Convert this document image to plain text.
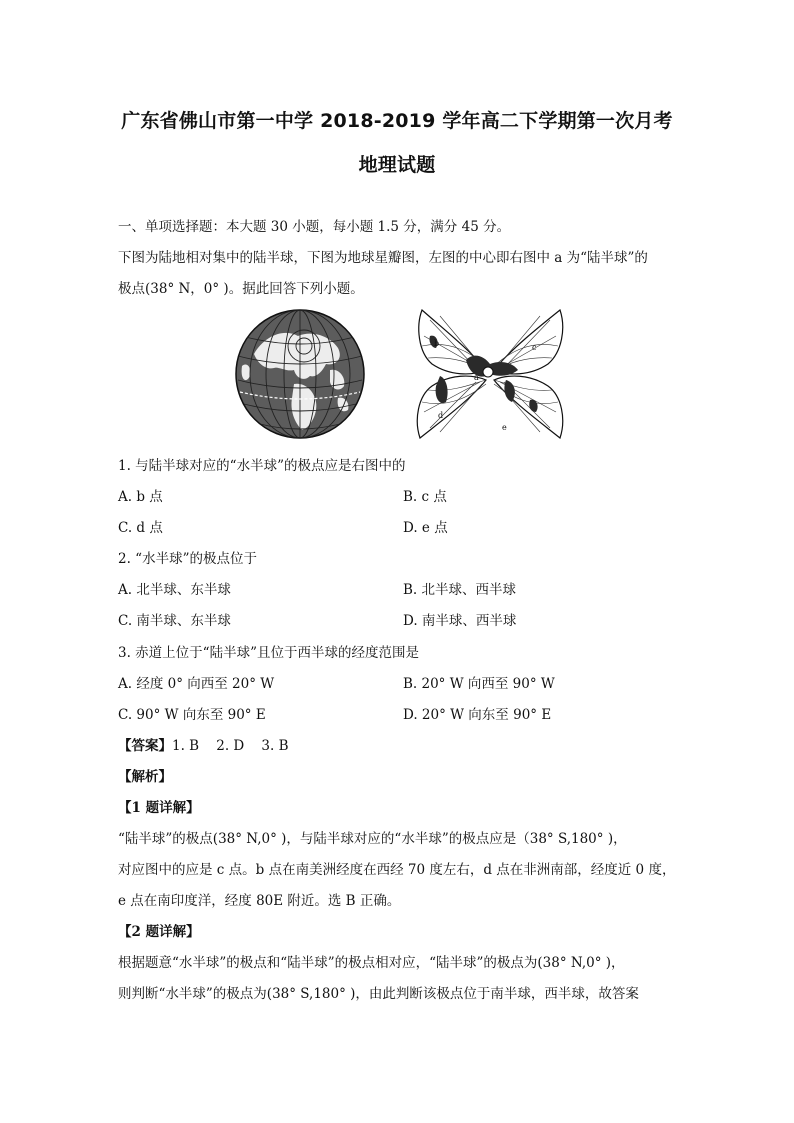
广东省佛山市第一中学 2018-2019 学年高二下学期第一次月考
地理试题
一、单项选择题：本大题 30 小题，每小题 1.5 分，满分 45 分。
下图为陆地相对集中的陆半球，下图为地球星瓣图，左图的中心即右图中 a 为“陆半球”的
极点(38° N，0° )。据此回答下列小题。
a
b	c
d
e
1. 与陆半球对应的“水半球”的极点应是右图中的
A. b 点	B. c 点
C. d 点	D. e 点
2. “水半球”的极点位于
A. 北半球、东半球	B. 北半球、西半球
C. 南半球、东半球	D. 南半球、西半球
3. 赤道上位于“陆半球”且位于西半球的经度范围是
A. 经度 0° 向西至 20° W	B. 20° W 向西至 90° W
C. 90° W 向东至 90° E	D. 20° W 向东至 90° E
【答案】1. B    2. D    3. B
【解析】
【1 题详解】
“陆半球”的极点(38° N,0° )，与陆半球对应的“水半球”的极点应是（38° S,180° )，
对应图中的应是 c 点。b 点在南美洲经度在西经 70 度左右，d 点在非洲南部，经度近 0 度，
e 点在南印度洋，经度 80E 附近。选 B 正确。
【2 题详解】
根据题意“水半球”的极点和“陆半球”的极点相对应，“陆半球”的极点为(38° N,0° )，
则判断“水半球”的极点为(38° S,180° )，由此判断该极点位于南半球，西半球，故答案
